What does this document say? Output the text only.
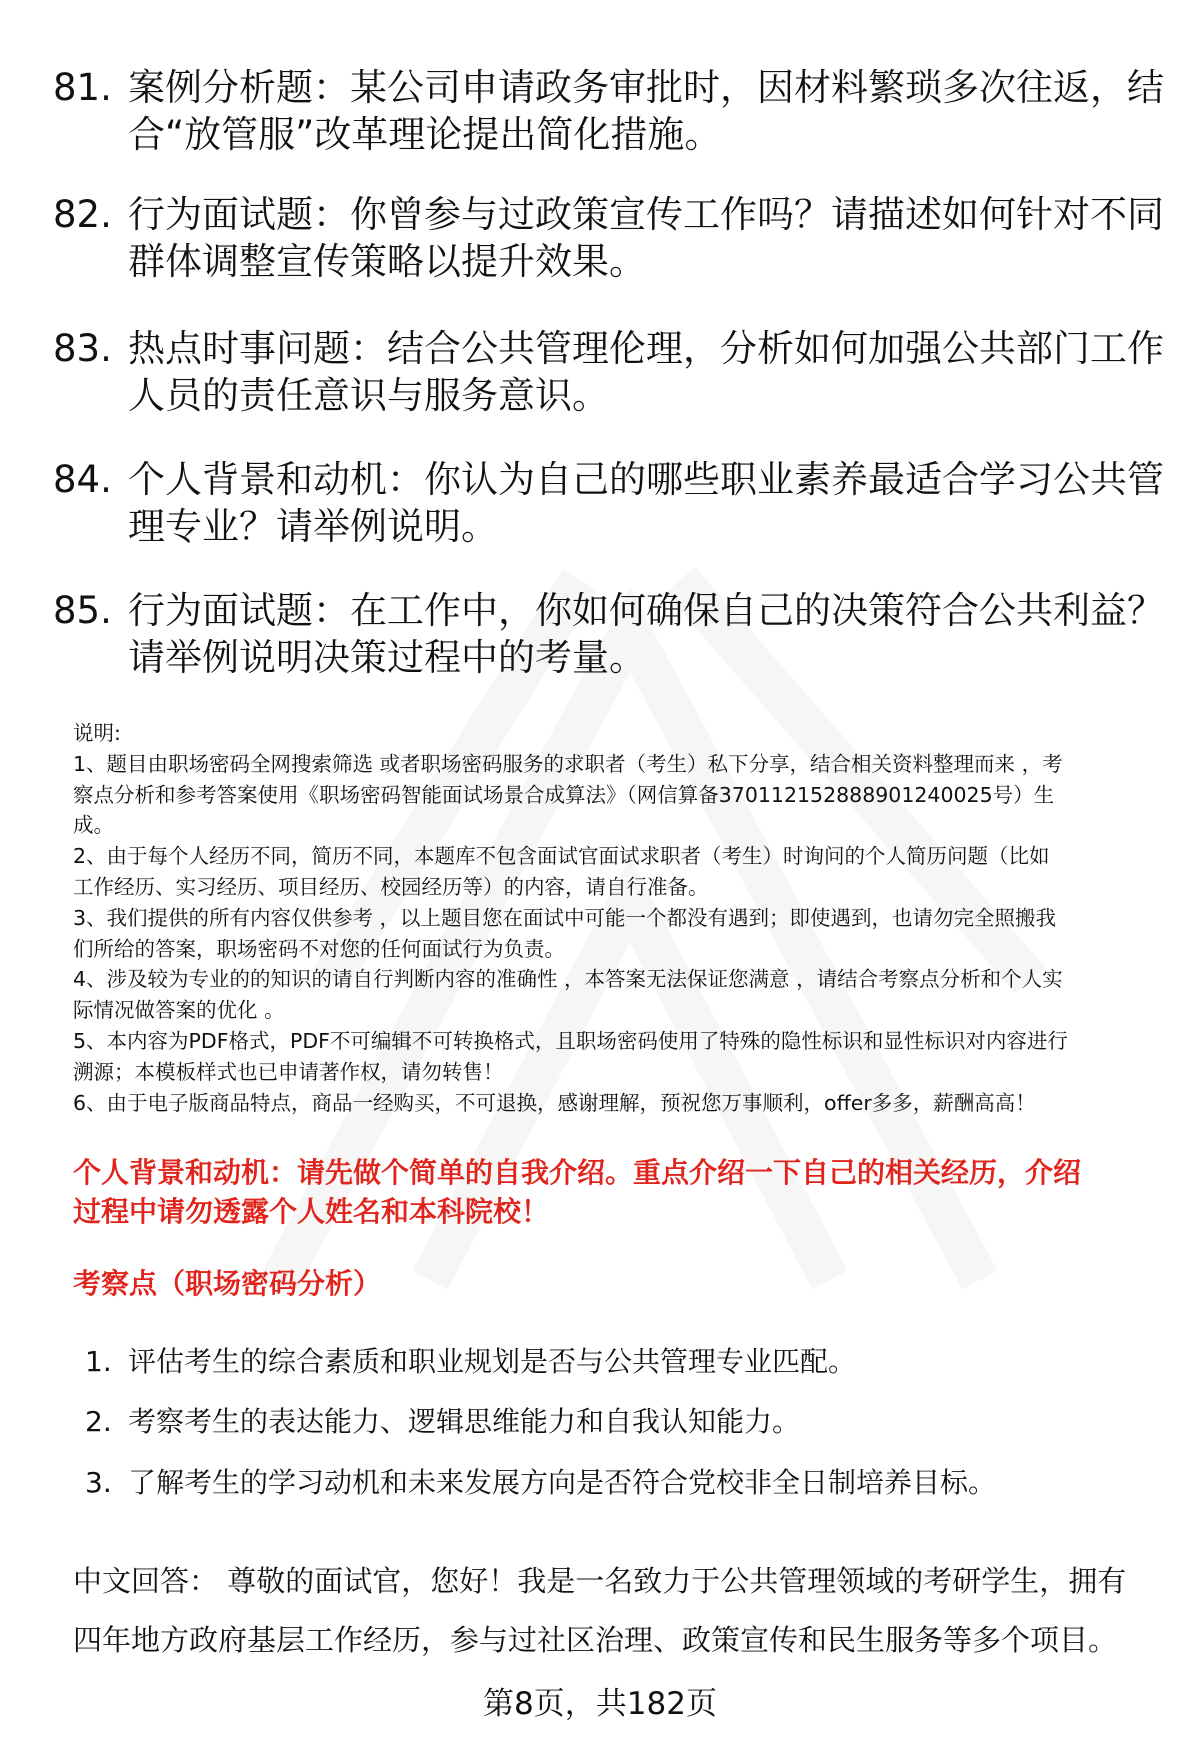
81. 案例分析题：某公司申请政务审批时，因材料繁琐多次往返，结
合“放管服”改革理论提出简化措施。
82. 行为面试题：你曾参与过政策宣传工作吗？请描述如何针对不同
群体调整宣传策略以提升效果。
83. 热点时事问题：结合公共管理伦理，分析如何加强公共部门工作
人员的责任意识与服务意识。
84. 个人背景和动机：你认为自己的哪些职业素养最适合学习公共管
理专业？请举例说明。
85. 行为面试题：在工作中，你如何确保自己的决策符合公共利益？
请举例说明决策过程中的考量。
说明:
1、题目由职场密码全网搜索筛选 或者职场密码服务的求职者（考生）私下分享，结合相关资料整理而来 ，考
察点分析和参考答案使用《职场密码智能面试场景合成算法》（网信算备370112152888901240025号）生
成。
2、由于每个人经历不同，简历不同，本题库不包含面试官面试求职者（考生）时询问的个人简历问题（比如
工作经历、实习经历、项目经历、校园经历等）的内容，请自行准备。
3、我们提供的所有内容仅供参考 ，以上题目您在面试中可能一个都没有遇到；即使遇到，也请勿完全照搬我
们所给的答案，职场密码不对您的任何面试行为负责。
4、涉及较为专业的的知识的请自行判断内容的准确性 ，本答案无法保证您满意 ，请结合考察点分析和个人实
际情况做答案的优化 。
5、本内容为PDF格式，PDF不可编辑不可转换格式，且职场密码使用了特殊的隐性标识和显性标识对内容进行
溯源；本模板样式也已申请著作权，请勿转售！
6、由于电子版商品特点，商品一经购买，不可退换，感谢理解，预祝您万事顺利，offer多多，薪酬高高！
个人背景和动机：请先做个简单的自我介绍。重点介绍一下自己的相关经历，介绍
过程中请勿透露个人姓名和本科院校！
考察点（职场密码分析）
1. 评估考生的综合素质和职业规划是否与公共管理专业匹配。
2. 考察考生的表达能力、逻辑思维能力和自我认知能力。
3. 了解考生的学习动机和未来发展方向是否符合党校非全日制培养目标。
中文回答： 尊敬的面试官，您好！我是一名致力于公共管理领域的考研学生，拥有
四年地方政府基层工作经历，参与过社区治理、政策宣传和民生服务等多个项目。
第8页，共182页
